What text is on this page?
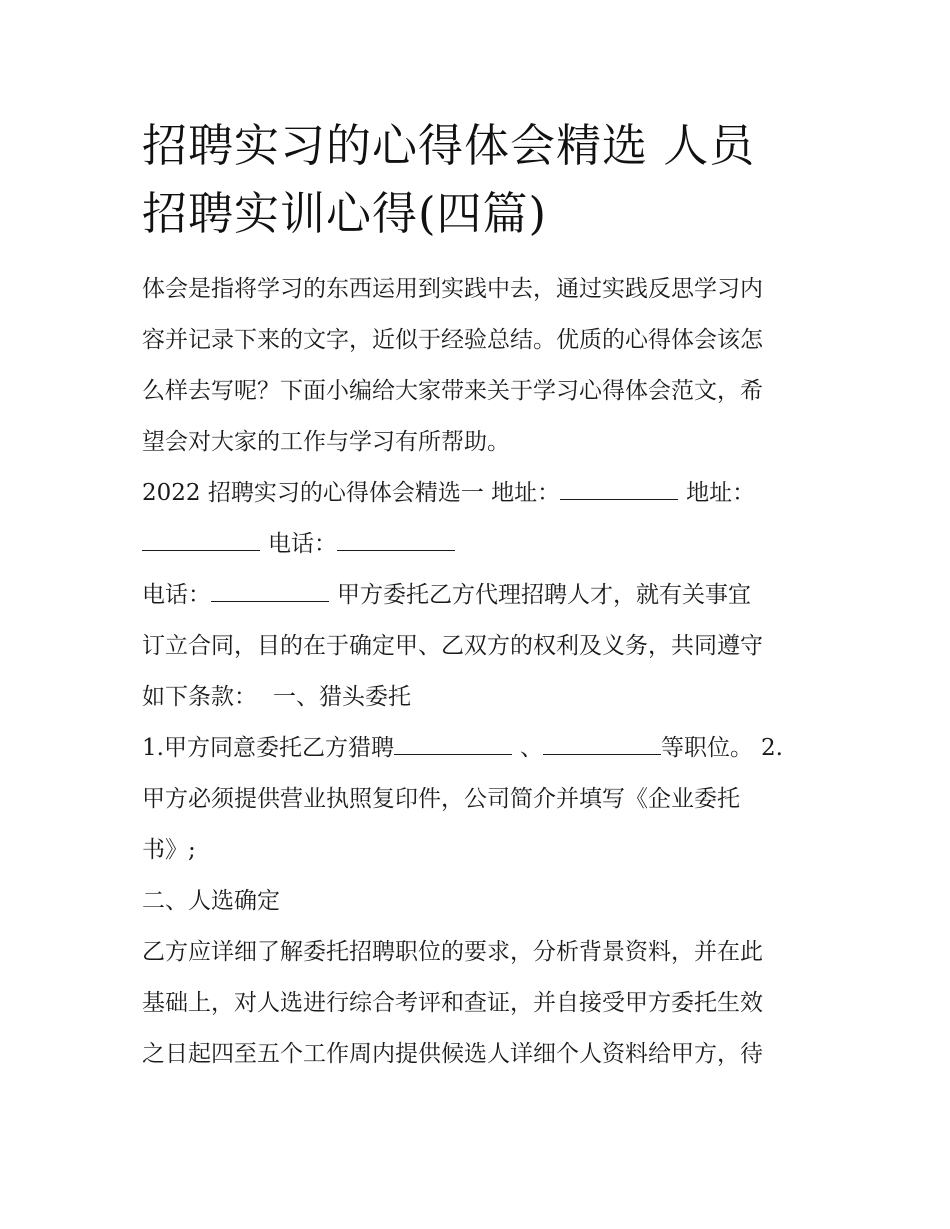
招聘实习的心得体会精选 人员
招聘实训心得(四篇)
体会是指将学习的东西运用到实践中去，通过实践反思学习内
容并记录下来的文字，近似于经验总结。优质的心得体会该怎
么样去写呢？下面小编给大家带来关于学习心得体会范文，希
望会对大家的工作与学习有所帮助。
2022 招聘实习的心得体会精选一 地址：	地址：
电话：
电话：	甲方委托乙方代理招聘人才，就有关事宜
订立合同，目的在于确定甲、乙双方的权利及义务，共同遵守
如下条款： 一、猎头委托
1.甲方同意委托乙方猎聘	、	等职位。 2.
甲方必须提供营业执照复印件，公司简介并填写《企业委托
书》;
二、人选确定
乙方应详细了解委托招聘职位的要求，分析背景资料，并在此
基础上，对人选进行综合考评和查证，并自接受甲方委托生效
之日起四至五个工作周内提供候选人详细个人资料给甲方，待
